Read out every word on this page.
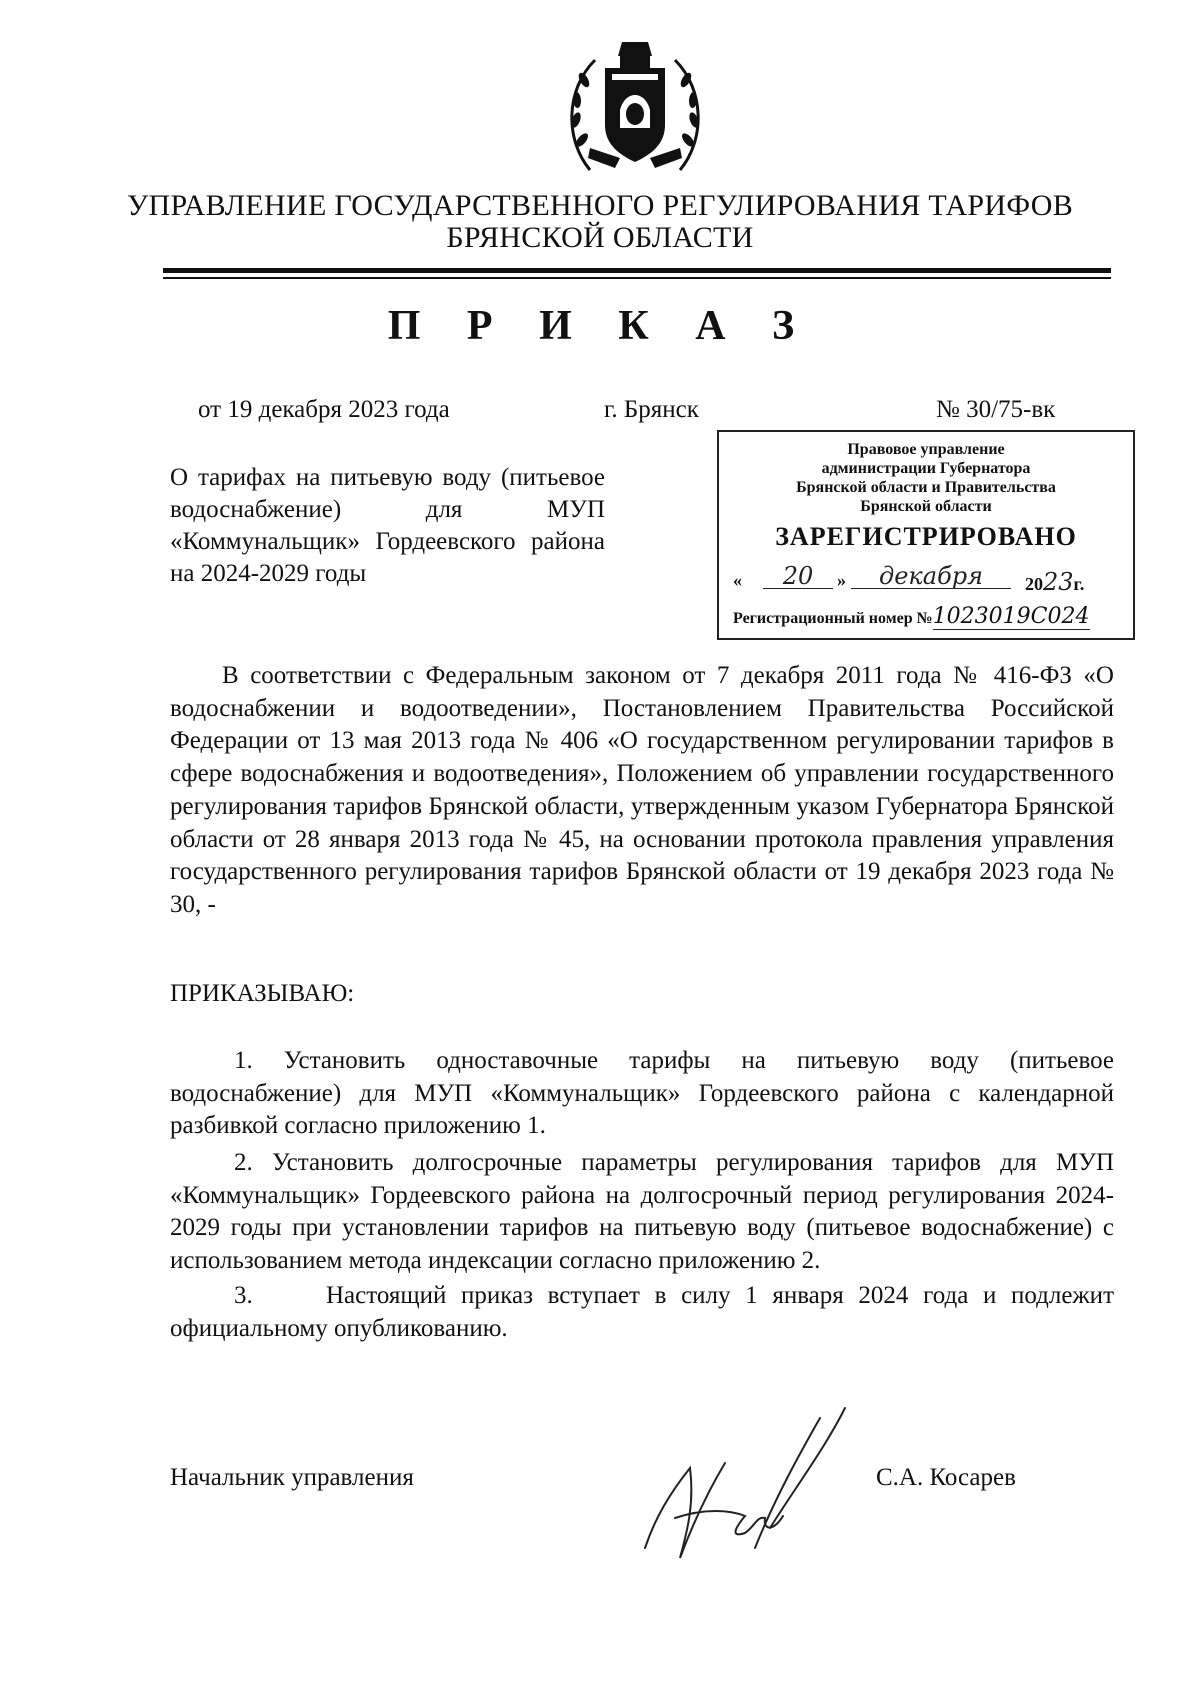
УПРАВЛЕНИЕ ГОСУДАРСТВЕННОГО РЕГУЛИРОВАНИЯ ТАРИФОВ
БРЯНСКОЙ ОБЛАСТИ
П Р И К А З
от 19 декабря 2023 года	г. Брянск	№ 30/75-вк
О тарифах на питьевую воду (питьевое водоснабжение) для МУП «Коммунальщик» Гордеевского района на 2024-2029 годы
Правовое управление
администрации Губернатора
Брянской области и Правительства
Брянской области
ЗАРЕГИСТРИРОВАНО
«	20	»	декабря	2023г.
Регистрационный номер №1023019С024
В соответствии с Федеральным законом от 7 декабря 2011 года № 416-ФЗ «О водоснабжении и водоотведении», Постановлением Правительства Российской Федерации от 13 мая 2013 года № 406 «О государственном регулировании тарифов в сфере водоснабжения и водоотведения», Положением об управлении государственного регулирования тарифов Брянской области, утвержденным указом Губернатора Брянской области от 28 января 2013 года № 45, на основании протокола правления управления государственного регулирования тарифов Брянской области от 19 декабря 2023 года № 30, -
ПРИКАЗЫВАЮ:
1. Установить одноставочные тарифы на питьевую воду (питьевое водоснабжение) для МУП «Коммунальщик» Гордеевского района с календарной разбивкой согласно приложению 1.
2. Установить долгосрочные параметры регулирования тарифов для МУП «Коммунальщик» Гордеевского района на долгосрочный период регулирования 2024-2029 годы при установлении тарифов на питьевую воду (питьевое водоснабжение) с использованием метода индексации согласно приложению 2.
3.     Настоящий приказ вступает в силу 1 января 2024 года и подлежит официальному опубликованию.
Начальник управления	С.А. Косарев
